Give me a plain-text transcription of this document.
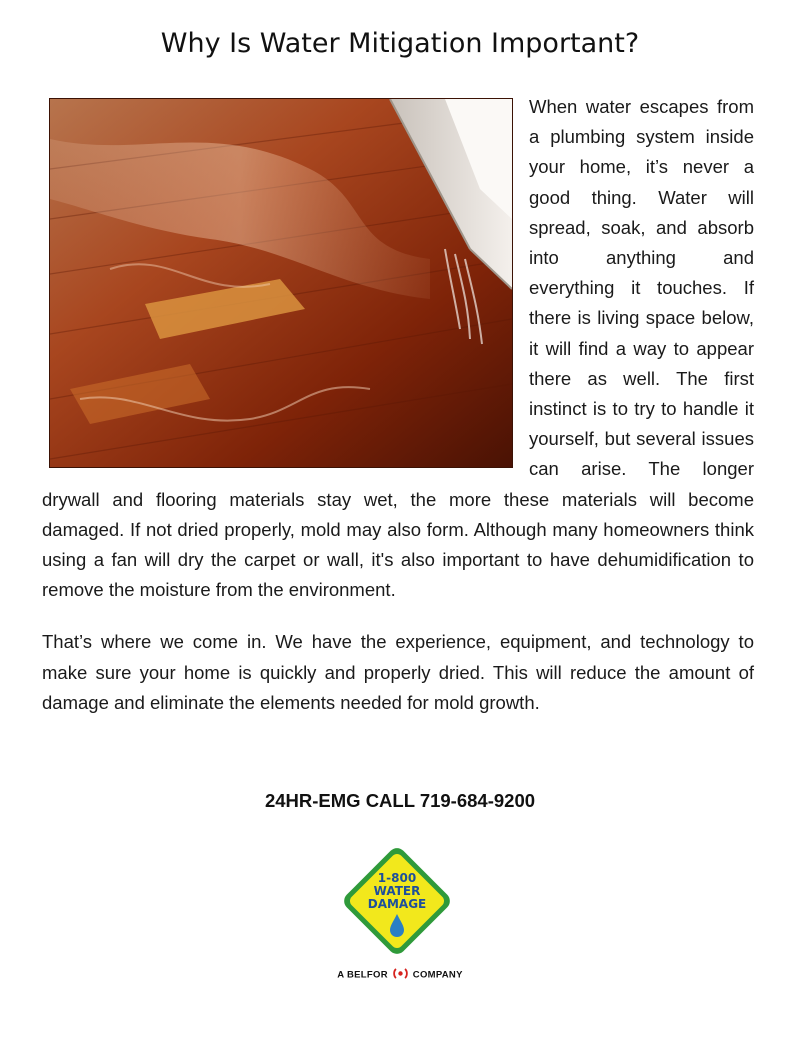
Why Is Water Mitigation Important?

When water escapes from a plumbing system inside your home, it’s never a good thing. Water will spread, soak, and absorb into anything and everything it touches. If there is living space below, it will find a way to appear there as well. The first instinct is to try to handle it yourself, but several issues can arise. The longer drywall and flooring materials stay wet, the more these materials will become damaged. If not dried properly, mold may also form. Although many homeowners think using a fan will dry the carpet or wall, it's also important to have dehumidification to remove the moisture from the environment.

That’s where we come in. We have the experience, equipment, and technology to make sure your home is quickly and properly dried. This will reduce the amount of damage and eliminate the elements needed for mold growth.

24HR-EMG CALL 719-684-9200
1-800
WATER
DAMAGE
A BELFOR	COMPANY
